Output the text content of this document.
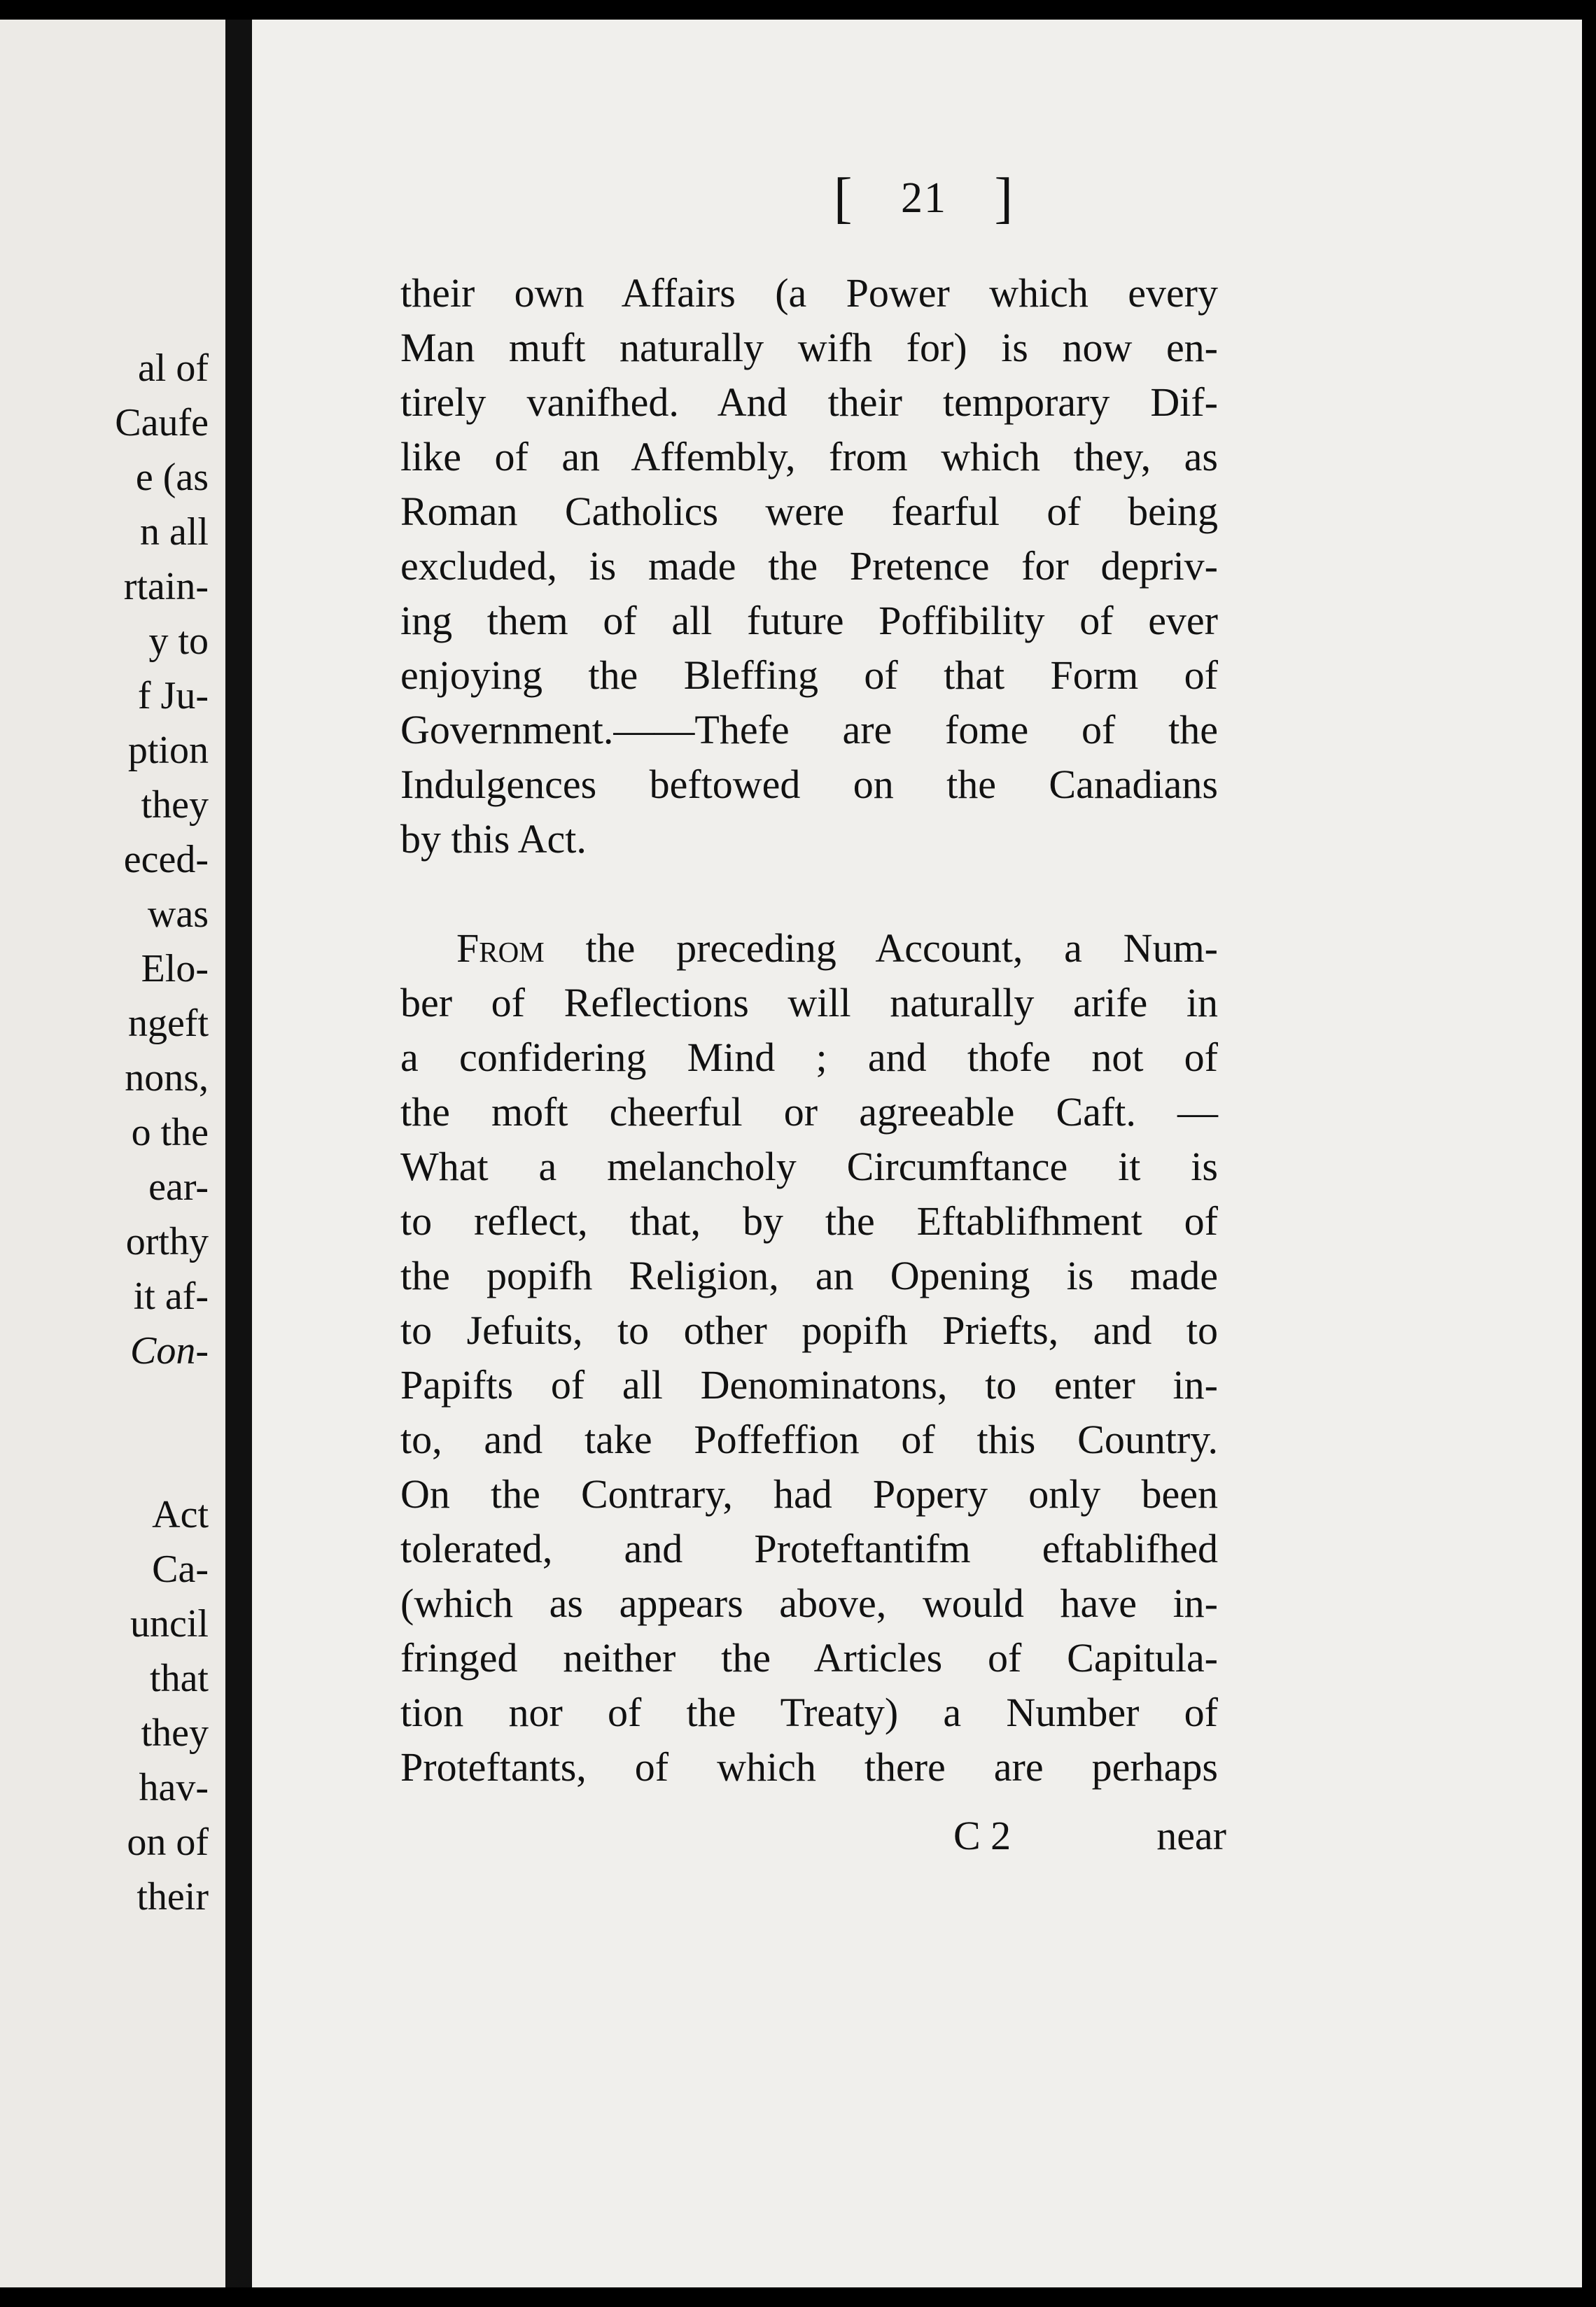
al of
Caufe
e (as
n all
rtain-
y to
f Ju-
ption
they
eced-
was
Elo-
ngeft
nons,
o the
ear-
orthy
it af-
Con-
Act
Ca-
uncil
that
they
hav-
on of
their
[ 21 ]
their own Affairs (a Power which every
Man muft naturally wifh for) is now en-
tirely vanifhed. And their temporary Dif-
like of an Affembly, from which they, as
Roman Catholics were fearful of being
excluded, is made the Pretence for depriv-
ing them of all future Poffibility of ever
enjoying the Bleffing of that Form of
Government.——Thefe are fome of the
Indulgences beftowed on the Canadians
by this Act.
From the preceding Account, a Num-
ber of Reflections will naturally arife in
a confidering Mind ; and thofe not of
the moft cheerful or agreeable Caft. —
What a melancholy Circumftance it is
to reflect, that, by the Eftablifhment of
the popifh Religion, an Opening is made
to Jefuits, to other popifh Priefts, and to
Papifts of all Denominatons, to enter in-
to, and take Poffeffion of this Country.
On the Contrary, had Popery only been
tolerated, and Proteftantifm eftablifhed
(which as appears above, would have in-
fringed neither the Articles of Capitula-
tion nor of the Treaty) a Number of
Proteftants, of which there are perhaps
C 2	near
